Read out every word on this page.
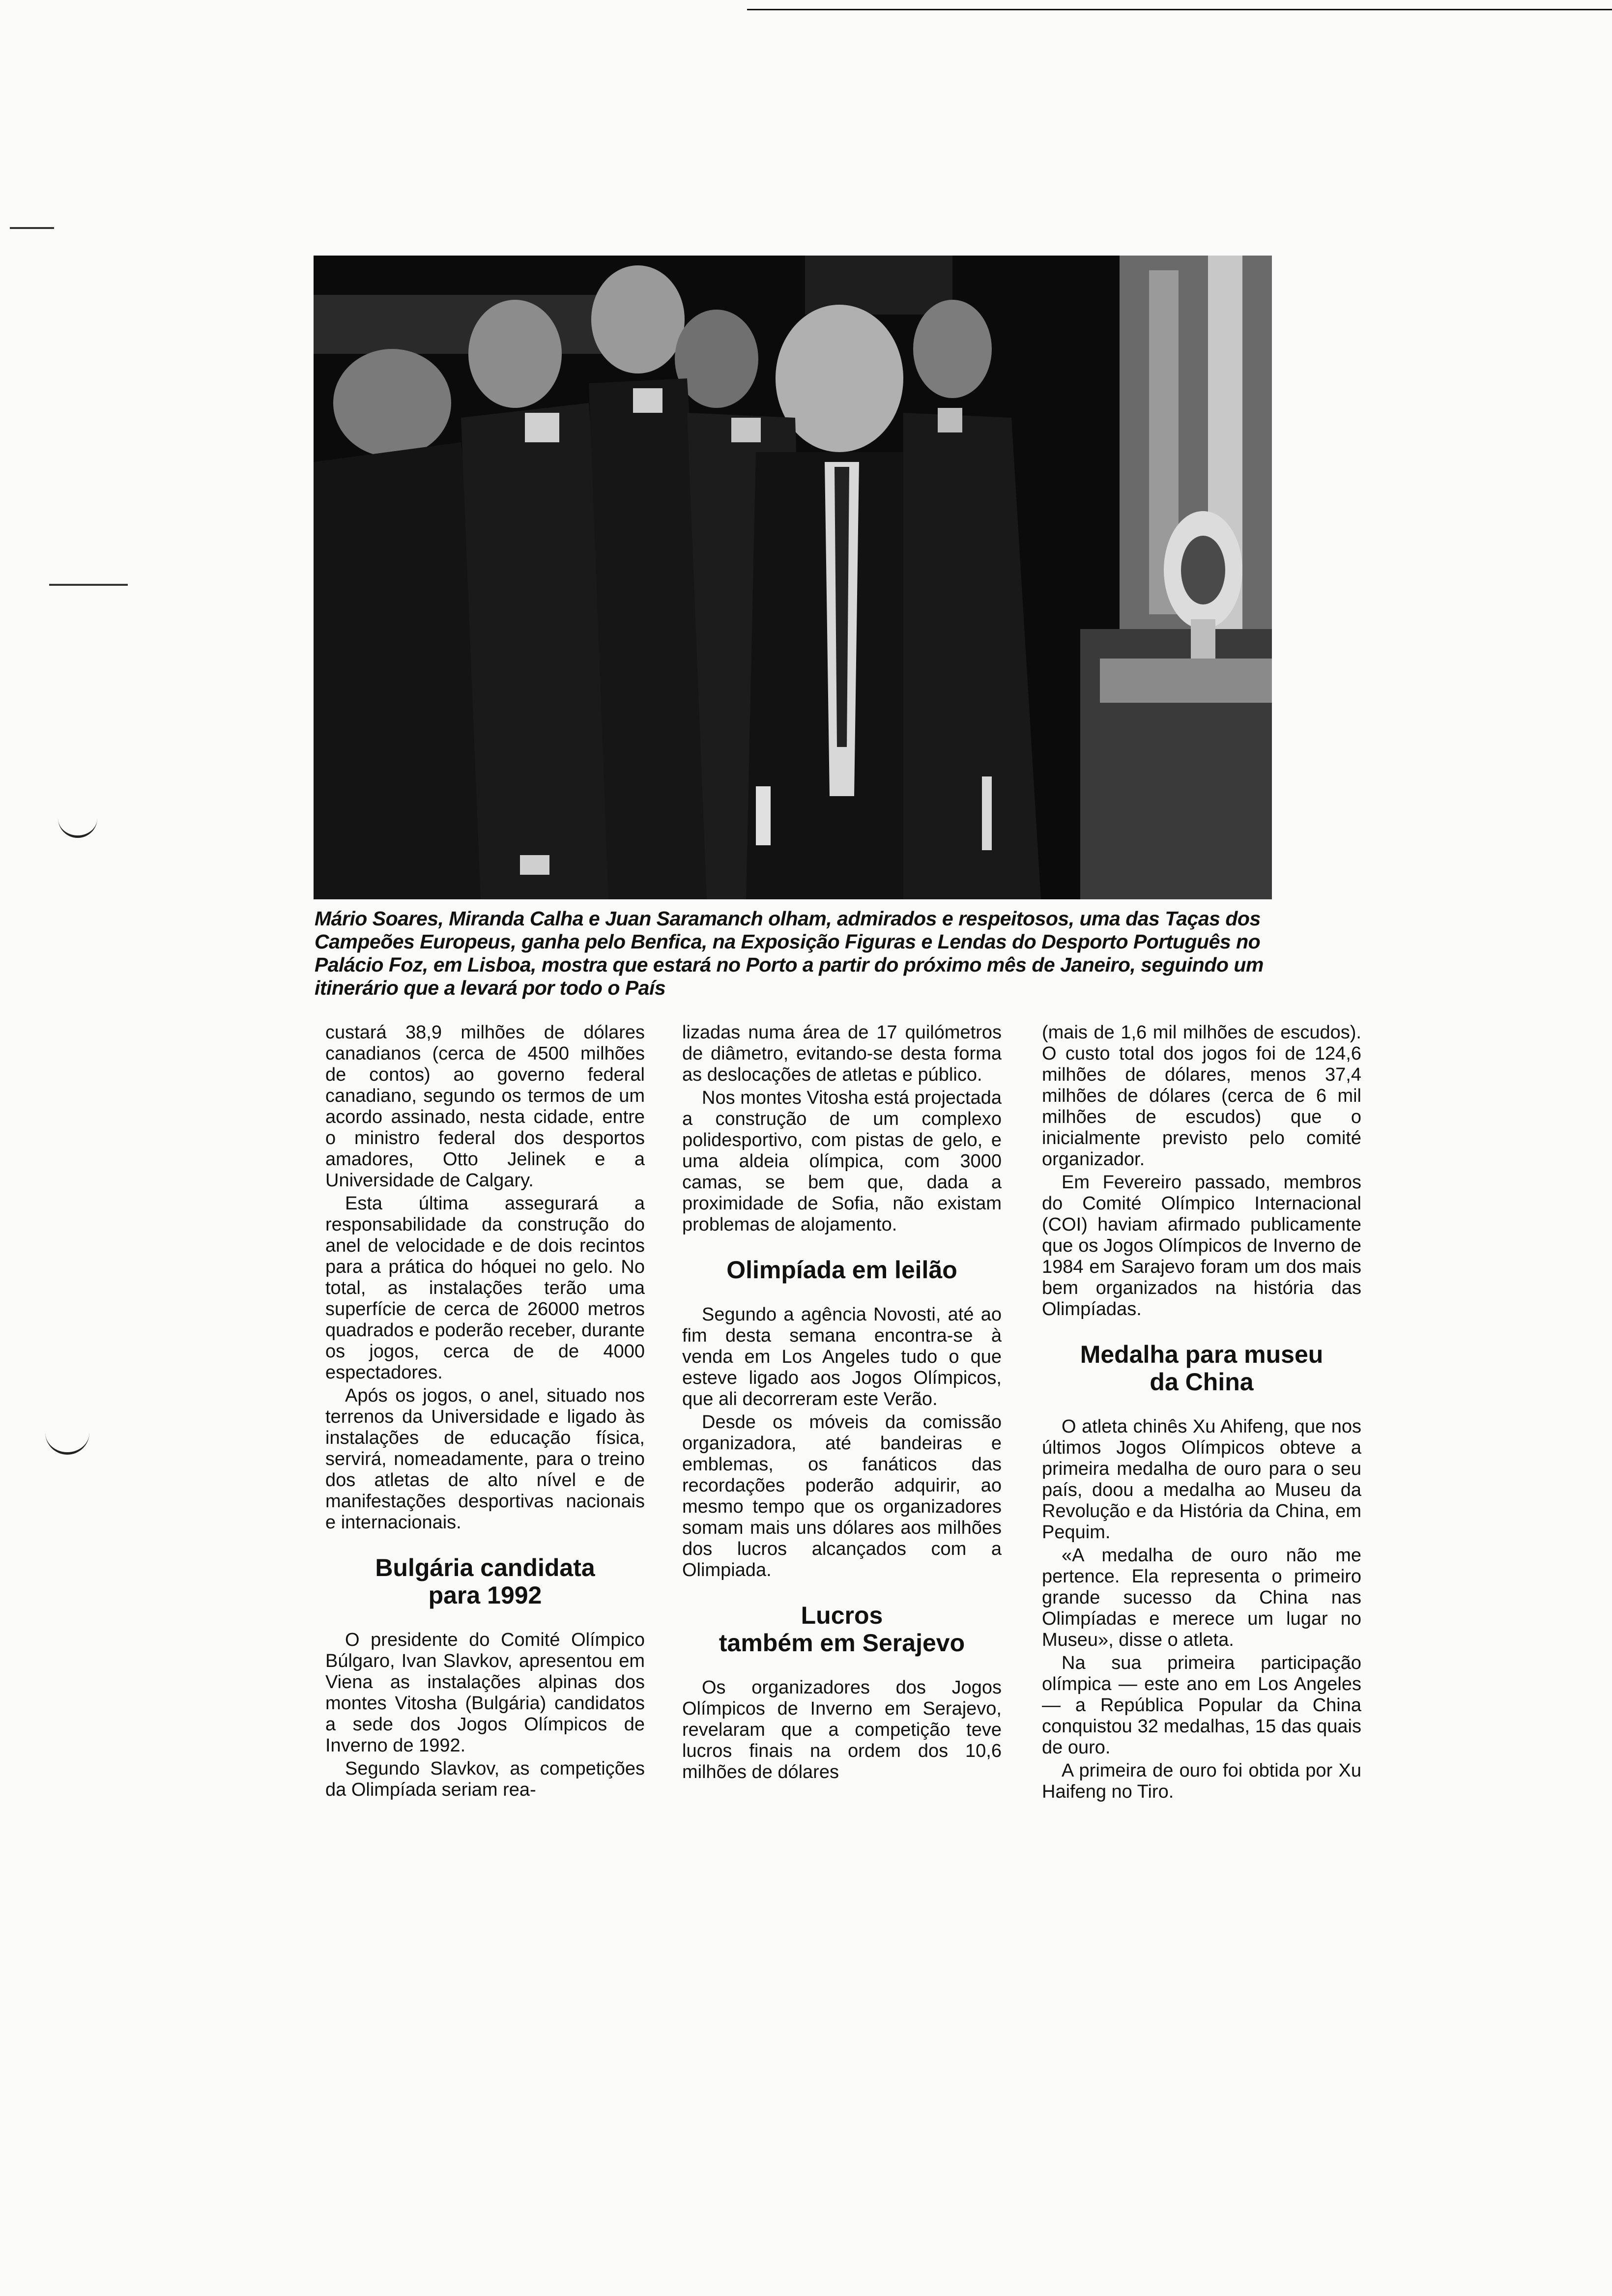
Mário Soares, Miranda Calha e Juan Saramanch olham, admirados e respeitosos, uma das Taças dos Campeões Europeus, ganha pelo Benfica, na Exposição Figuras e Lendas do Desporto Português no Palácio Foz, em Lisboa, mostra que estará no Porto a partir do próximo mês de Janeiro, seguindo um itinerário que a levará por todo o País

custará 38,9 milhões de dólares canadianos (cerca de 4500 milhões de contos) ao governo federal canadiano, segundo os termos de um acordo assinado, nesta cidade, entre o ministro federal dos desportos amadores, Otto Jelinek e a Universidade de Calgary.

Esta última assegurará a responsabilidade da construção do anel de velocidade e de dois recintos para a prática do hóquei no gelo. No total, as instalações terão uma superfície de cerca de 26000 metros quadrados e poderão receber, durante os jogos, cerca de de 4000 espectadores.

Após os jogos, o anel, situado nos terrenos da Universidade e ligado às instalações de educação física, servirá, nomeadamente, para o treino dos atletas de alto nível e de manifestações desportivas nacionais e internacionais.

Bulgária candidata
para 1992

O presidente do Comité Olímpico Búlgaro, Ivan Slavkov, apresentou em Viena as instalações alpinas dos montes Vitosha (Bulgária) candidatos a sede dos Jogos Olímpicos de Inverno de 1992.

Segundo Slavkov, as competições da Olimpíada seriam rea-

lizadas numa área de 17 quilómetros de diâmetro, evitando-se desta forma as deslocações de atletas e público.

Nos montes Vitosha está projectada a construção de um complexo polidesportivo, com pistas de gelo, e uma aldeia olímpica, com 3000 camas, se bem que, dada a proximidade de Sofia, não existam problemas de alojamento.

Olimpíada em leilão

Segundo a agência Novosti, até ao fim desta semana encontra-se à venda em Los Angeles tudo o que esteve ligado aos Jogos Olímpicos, que ali decorreram este Verão.

Desde os móveis da comissão organizadora, até bandeiras e emblemas, os fanáticos das recordações poderão adquirir, ao mesmo tempo que os organizadores somam mais uns dólares aos milhões dos lucros alcançados com a Olimpiada.

Lucros
também em Serajevo

Os organizadores dos Jogos Olímpicos de Inverno em Serajevo, revelaram que a competição teve lucros finais na ordem dos 10,6 milhões de dólares

(mais de 1,6 mil milhões de escudos). O custo total dos jogos foi de 124,6 milhões de dólares, menos 37,4 milhões de dólares (cerca de 6 mil milhões de escudos) que o inicialmente previsto pelo comité organizador.

Em Fevereiro passado, membros do Comité Olímpico Internacional (COI) haviam afirmado publicamente que os Jogos Olímpicos de Inverno de 1984 em Sarajevo foram um dos mais bem organizados na história das Olimpíadas.

Medalha para museu
da China

O atleta chinês Xu Ahifeng, que nos últimos Jogos Olímpicos obteve a primeira medalha de ouro para o seu país, doou a medalha ao Museu da Revolução e da História da China, em Pequim.

«A medalha de ouro não me pertence. Ela representa o primeiro grande sucesso da China nas Olimpíadas e merece um lugar no Museu», disse o atleta.

Na sua primeira participação olímpica — este ano em Los Angeles — a República Popular da China conquistou 32 medalhas, 15 das quais de ouro.

A primeira de ouro foi obtida por Xu Haifeng no Tiro.
